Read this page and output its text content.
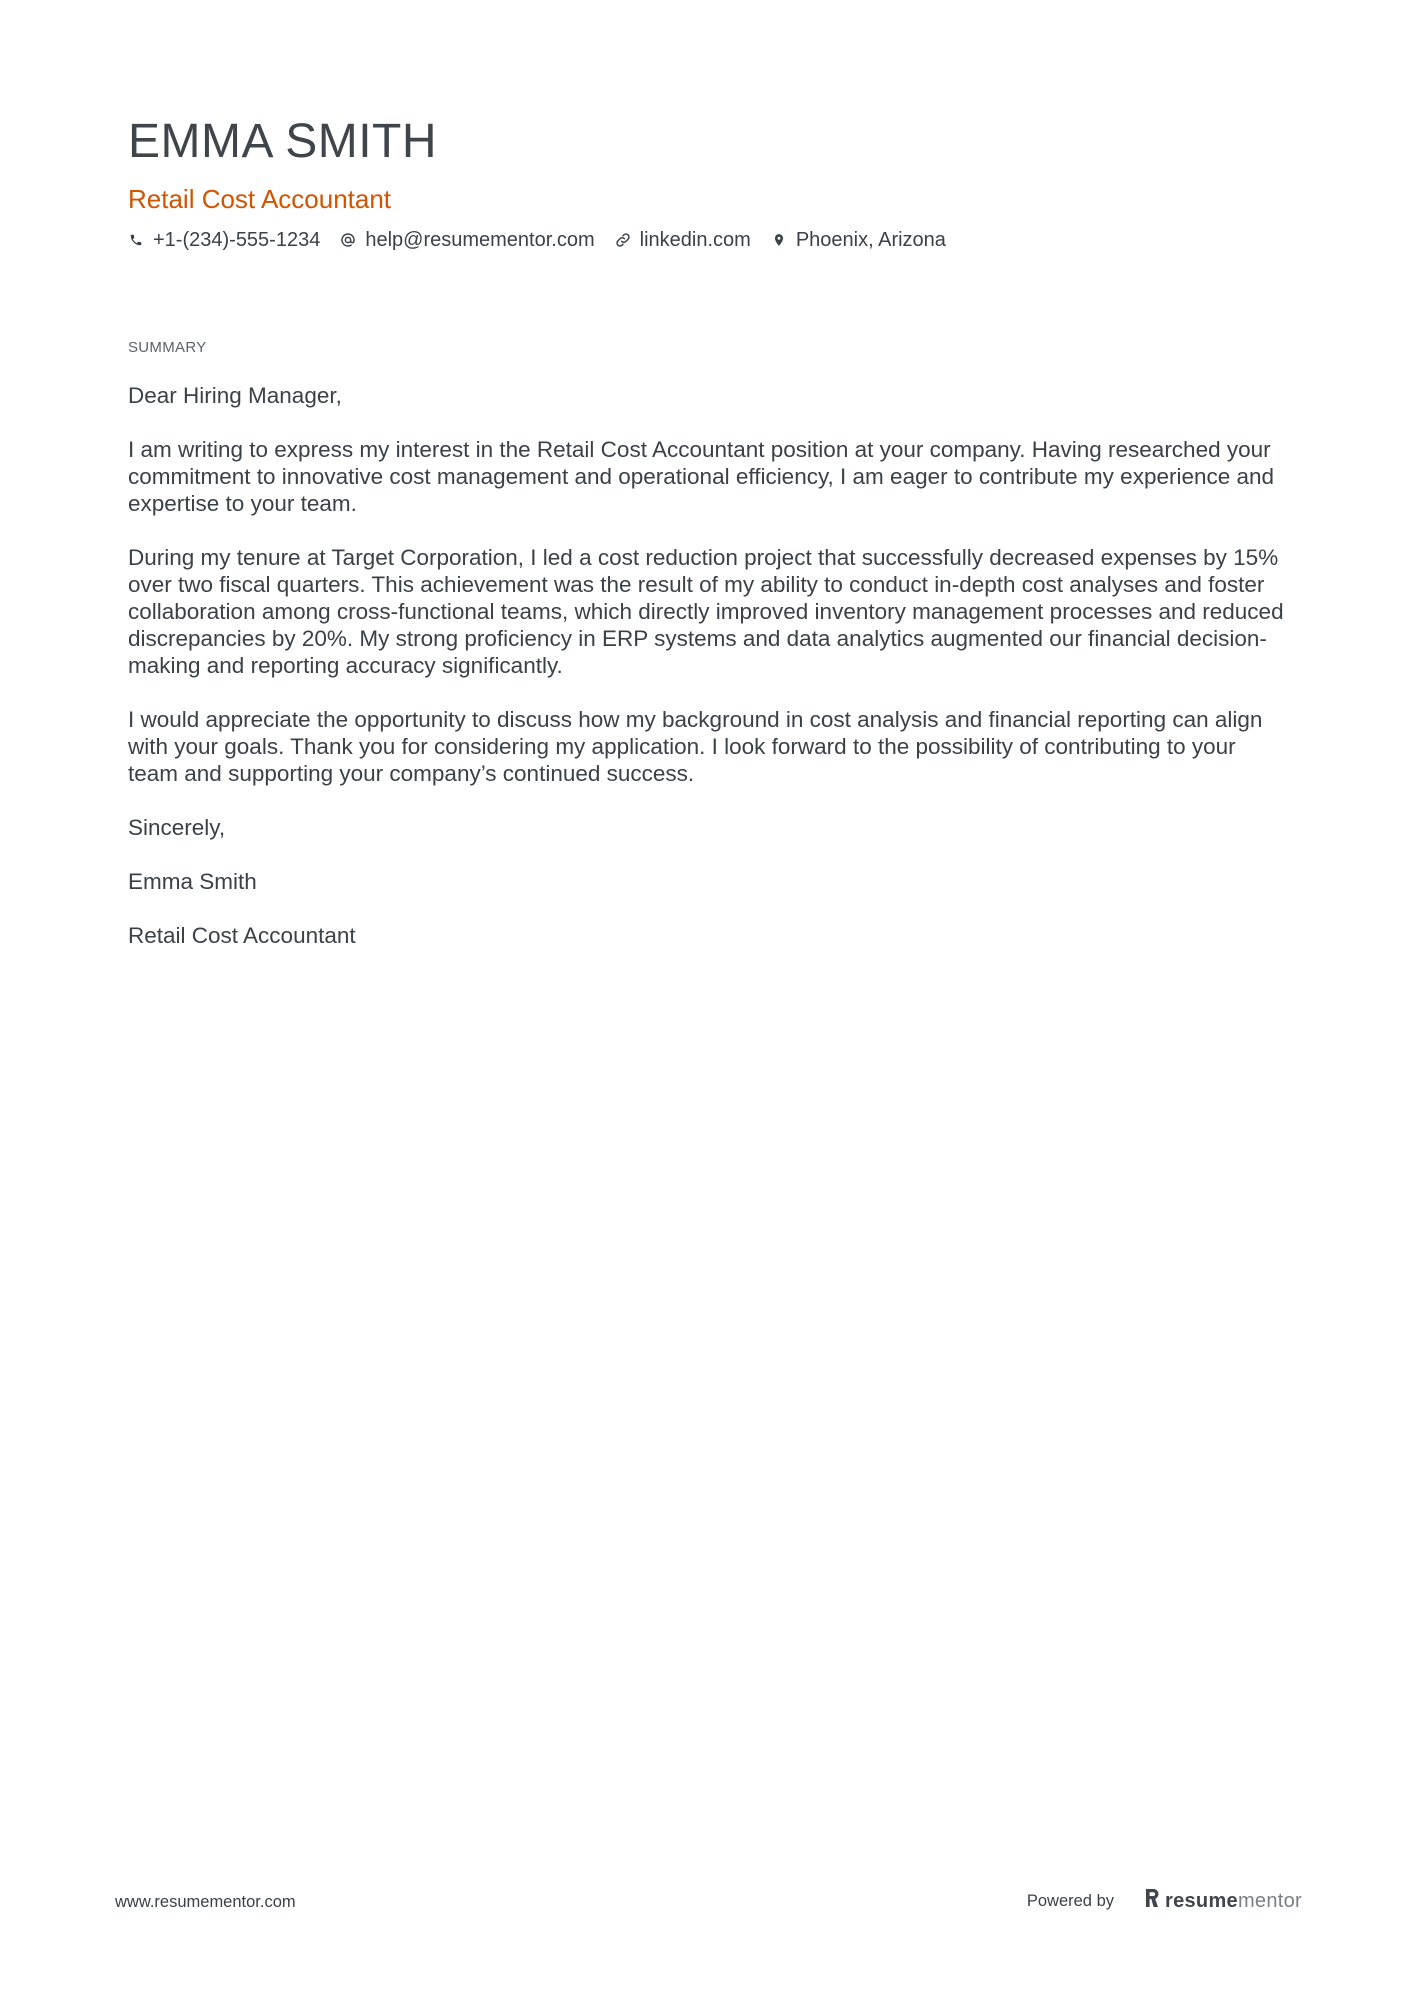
EMMA SMITH
Retail Cost Accountant
+1-(234)-555-1234 help@resumementor.com linkedin.com Phoenix, Arizona
SUMMARY

Dear Hiring Manager,

I am writing to express my interest in the Retail Cost Accountant position at your company. Having researched your commitment to innovative cost management and operational efficiency, I am eager to contribute my experience and expertise to your team.

During my tenure at Target Corporation, I led a cost reduction project that successfully decreased expenses by 15% over two fiscal quarters. This achievement was the result of my ability to conduct in-depth cost analyses and foster collaboration among cross-functional teams, which directly improved inventory management processes and reduced discrepancies by 20%. My strong proficiency in ERP systems and data analytics augmented our financial decision-making and reporting accuracy significantly.

I would appreciate the opportunity to discuss how my background in cost analysis and financial reporting can align with your goals. Thank you for considering my application. I look forward to the possibility of contributing to your team and supporting your company’s continued success.

Sincerely,

Emma Smith

Retail Cost Accountant

www.resumementor.com	Powered by	resume mentor
